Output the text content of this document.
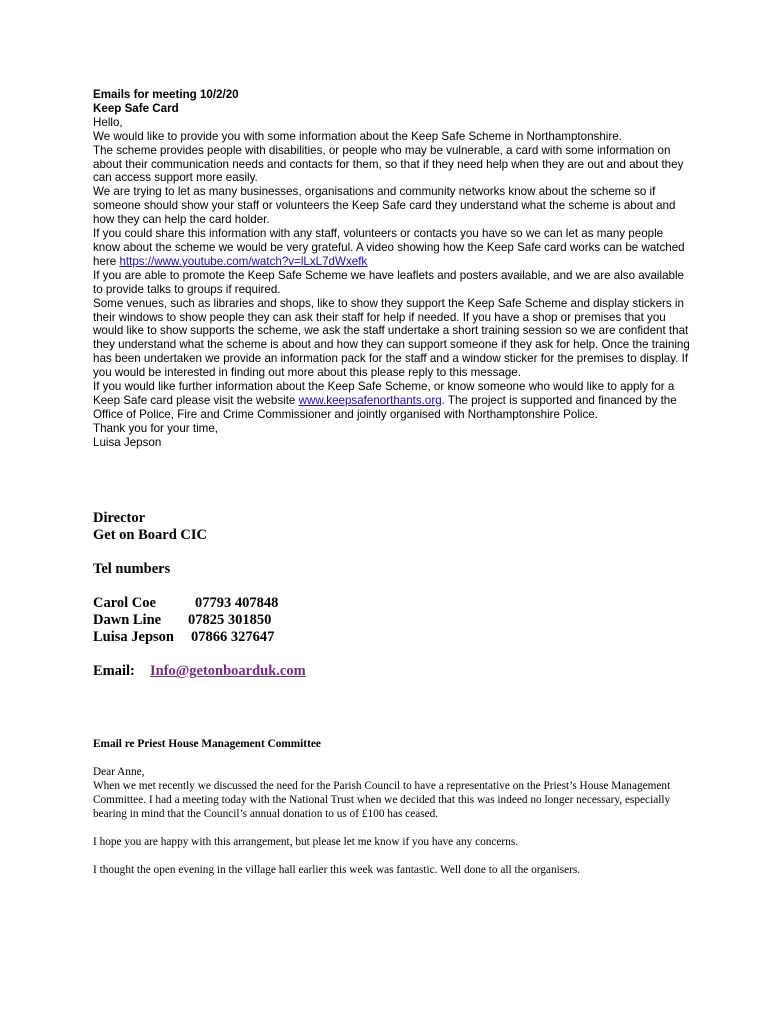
Emails for meeting 10/2/20

Keep Safe Card

Hello,

We would like to provide you with some information about the Keep Safe Scheme in Northamptonshire.

The scheme provides people with disabilities, or people who may be vulnerable, a card with some information on about their communication needs and contacts for them, so that if they need help when they are out and about they can access support more easily.

We are trying to let as many businesses, organisations and community networks know about the scheme so if someone should show your staff or volunteers the Keep Safe card they understand what the scheme is about and how they can help the card holder.

If you could share this information with any staff, volunteers or contacts you have so we can let as many people know about the scheme we would be very grateful. A video showing how the Keep Safe card works can be watched here https://www.youtube.com/watch?v=lLxL7dWxefk

If you are able to promote the Keep Safe Scheme we have leaflets and posters available, and we are also available to provide talks to groups if required.

Some venues, such as libraries and shops, like to show they support the Keep Safe Scheme and display stickers in their windows to show people they can ask their staff for help if needed. If you have a shop or premises that you would like to show supports the scheme, we ask the staff undertake a short training session so we are confident that they understand what the scheme is about and how they can support someone if they ask for help. Once the training has been undertaken we provide an information pack for the staff and a window sticker for the premises to display. If you would be interested in finding out more about this please reply to this message.

If you would like further information about the Keep Safe Scheme, or know someone who would like to apply for a Keep Safe card please visit the website www.keepsafenorthants.org. The project is supported and financed by the Office of Police, Fire and Crime Commissioner and jointly organised with Northamptonshire Police.

Thank you for your time,

Luisa Jepson

Director

Get on Board CIC

Tel numbers

Carol Coe	07793 407848
Dawn Line	07825 301850
Luisa Jepson	07866 327647
Email:	Info@getonboarduk.com

Email re Priest House Management Committee

Dear Anne,

When we met recently we discussed the need for the Parish Council to have a representative on the Priest’s House Management Committee. I had a meeting today with the National Trust when we decided that this was indeed no longer necessary, especially bearing in mind that the Council’s annual donation to us of £100 has ceased.

I hope you are happy with this arrangement, but please let me know if you have any concerns.

I thought the open evening in the village hall earlier this week was fantastic. Well done to all the organisers.
